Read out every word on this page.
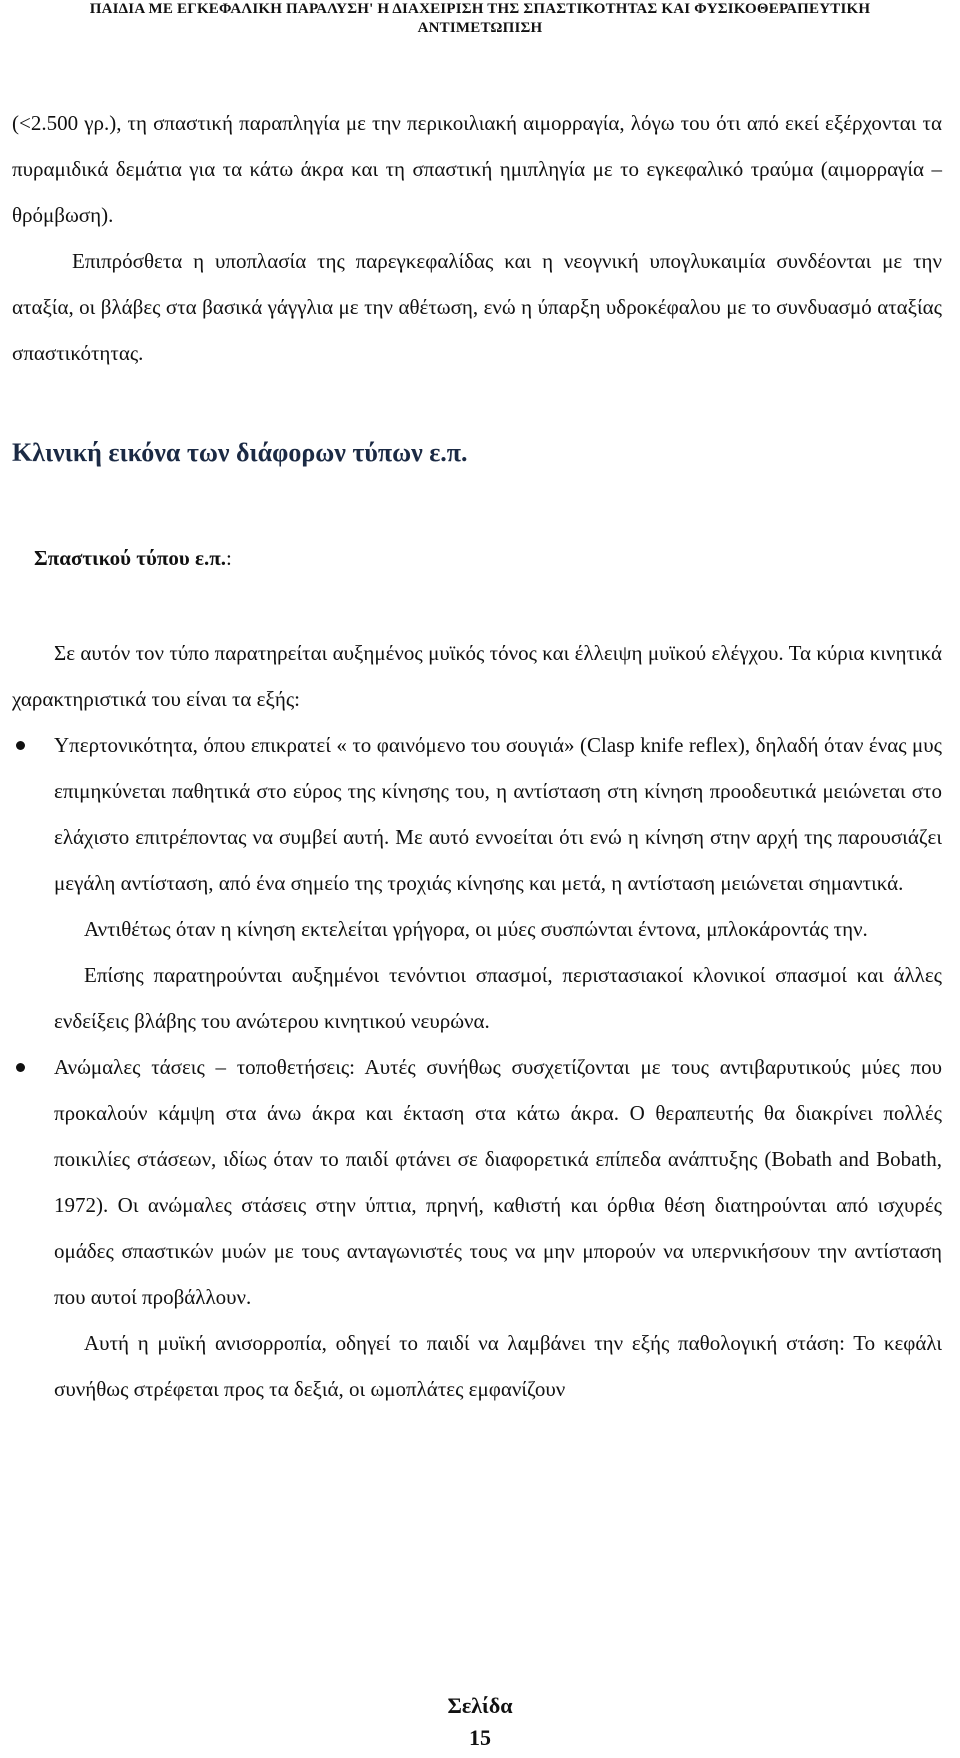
ΠΑΙΔΙΑ ΜΕ ΕΓΚΕΦΑΛΙΚΗ ΠΑΡΑΛΥΣΗ' Η ΔΙΑΧΕΙΡΙΣΗ ΤΗΣ ΣΠΑΣΤΙΚΟΤΗΤΑΣ ΚΑΙ ΦΥΣΙΚΟΘΕΡΑΠΕΥΤΙΚΗ
ΑΝΤΙΜΕΤΩΠΙΣΗ

(<2.500 γρ.), τη σπαστική παραπληγία με την περικοιλιακή αιμορραγία, λόγω του ότι από εκεί εξέρχονται τα πυραμιδικά δεμάτια για τα κάτω άκρα και τη σπαστική ημιπληγία με το εγκεφαλικό τραύμα (αιμορραγία – θρόμβωση).

Επιπρόσθετα η υποπλασία της παρεγκεφαλίδας και η νεογνική υπογλυκαιμία συνδέονται με την αταξία, οι βλάβες στα βασικά γάγγλια με την αθέτωση, ενώ η ύπαρξη υδροκέφαλου με το συνδυασμό αταξίας σπαστικότητας.

Κλινική εικόνα των διάφορων τύπων ε.π.
Σπαστικού τύπου ε.π.:

Σε αυτόν τον τύπο παρατηρείται αυξημένος μυϊκός τόνος και έλλειψη μυϊκού ελέγχου. Τα κύρια κινητικά χαρακτηριστικά του είναι τα εξής:

Υπερτονικότητα, όπου επικρατεί « το φαινόμενο του σουγιά» (Clasp knife reflex), δηλαδή όταν ένας μυς επιμηκύνεται παθητικά στο εύρος της κίνησης του, η αντίσταση στη κίνηση προοδευτικά μειώνεται στο ελάχιστο επιτρέποντας να συμβεί αυτή. Με αυτό εννοείται ότι ενώ η κίνηση στην αρχή της παρουσιάζει μεγάλη αντίσταση, από ένα σημείο της τροχιάς κίνησης και μετά, η αντίσταση μειώνεται σημαντικά.

Αντιθέτως όταν η κίνηση εκτελείται γρήγορα, οι μύες συσπώνται έντονα, μπλοκάροντάς την.

Επίσης παρατηρούνται αυξημένοι τενόντιοι σπασμοί, περιστασιακοί κλονικοί σπασμοί και άλλες ενδείξεις βλάβης του ανώτερου κινητικού νευρώνα.

Ανώμαλες τάσεις – τοποθετήσεις: Αυτές συνήθως συσχετίζονται με τους αντιβαρυτικούς μύες που προκαλούν κάμψη στα άνω άκρα και έκταση στα κάτω άκρα. Ο θεραπευτής θα διακρίνει πολλές ποικιλίες στάσεων, ιδίως όταν το παιδί φτάνει σε διαφορετικά επίπεδα ανάπτυξης (Bobath and Bobath, 1972). Οι ανώμαλες στάσεις στην ύπτια, πρηνή, καθιστή και όρθια θέση διατηρούνται από ισχυρές ομάδες σπαστικών μυών με τους ανταγωνιστές τους να μην μπορούν να υπερνικήσουν την αντίσταση που αυτοί προβάλλουν.

Αυτή η μυϊκή ανισορροπία, οδηγεί το παιδί να λαμβάνει την εξής παθολογική στάση: Το κεφάλι συνήθως στρέφεται προς τα δεξιά, οι ωμοπλάτες εμφανίζουν

Σελίδα
15
